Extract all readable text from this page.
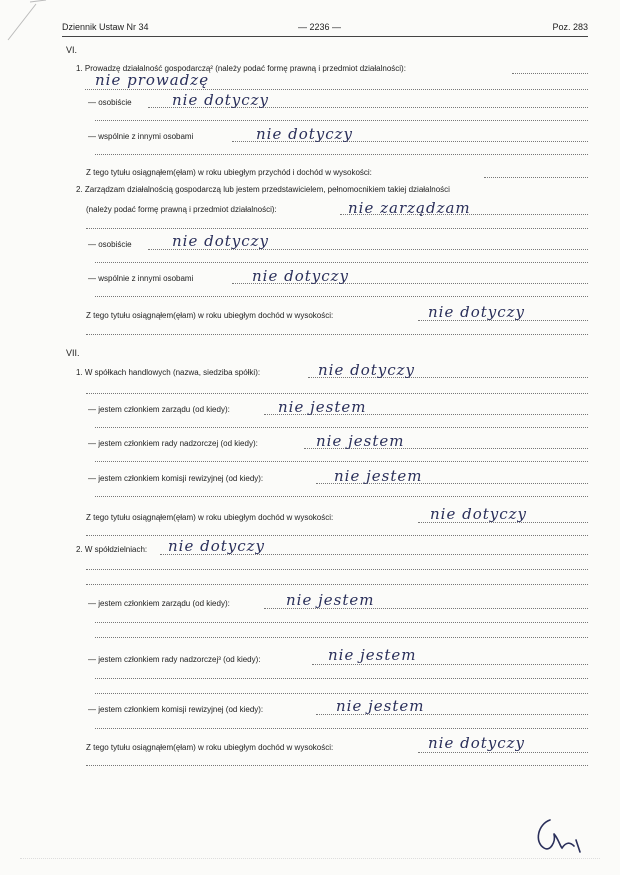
Dziennik Ustaw Nr 34	— 2236 —	Poz. 283
VI.
1. Prowadzę działalność gospodarczą² (należy podać formę prawną i przedmiot działalności):
nie prowadzę
— osobiście	nie dotyczy
— wspólnie z innymi osobami	nie dotyczy
Z tego tytułu osiągnąłem(ęłam) w roku ubiegłym przychód i dochód w wysokości:
2. Zarządzam działalnością gospodarczą lub jestem przedstawicielem, pełnomocnikiem takiej działalności
(należy podać formę prawną i przedmiot działalności):	nie zarządzam
— osobiście	nie dotyczy
— wspólnie z innymi osobami	nie dotyczy
Z tego tytułu osiągnąłem(ęłam) w roku ubiegłym dochód w wysokości:	nie dotyczy
VII.
1. W spółkach handlowych (nazwa, siedziba spółki):	nie dotyczy
— jestem członkiem zarządu (od kiedy):	nie jestem
— jestem członkiem rady nadzorczej (od kiedy):	nie jestem
— jestem członkiem komisji rewizyjnej (od kiedy):	nie jestem
Z tego tytułu osiągnąłem(ęłam) w roku ubiegłym dochód w wysokości:	nie dotyczy
2. W spółdzielniach: nie dotyczy
— jestem członkiem zarządu (od kiedy):	nie jestem
— jestem członkiem rady nadzorczej³ (od kiedy):	nie jestem
— jestem członkiem komisji rewizyjnej (od kiedy):	nie jestem
Z tego tytułu osiągnąłem(ęłam) w roku ubiegłym dochód w wysokości:	nie dotyczy
